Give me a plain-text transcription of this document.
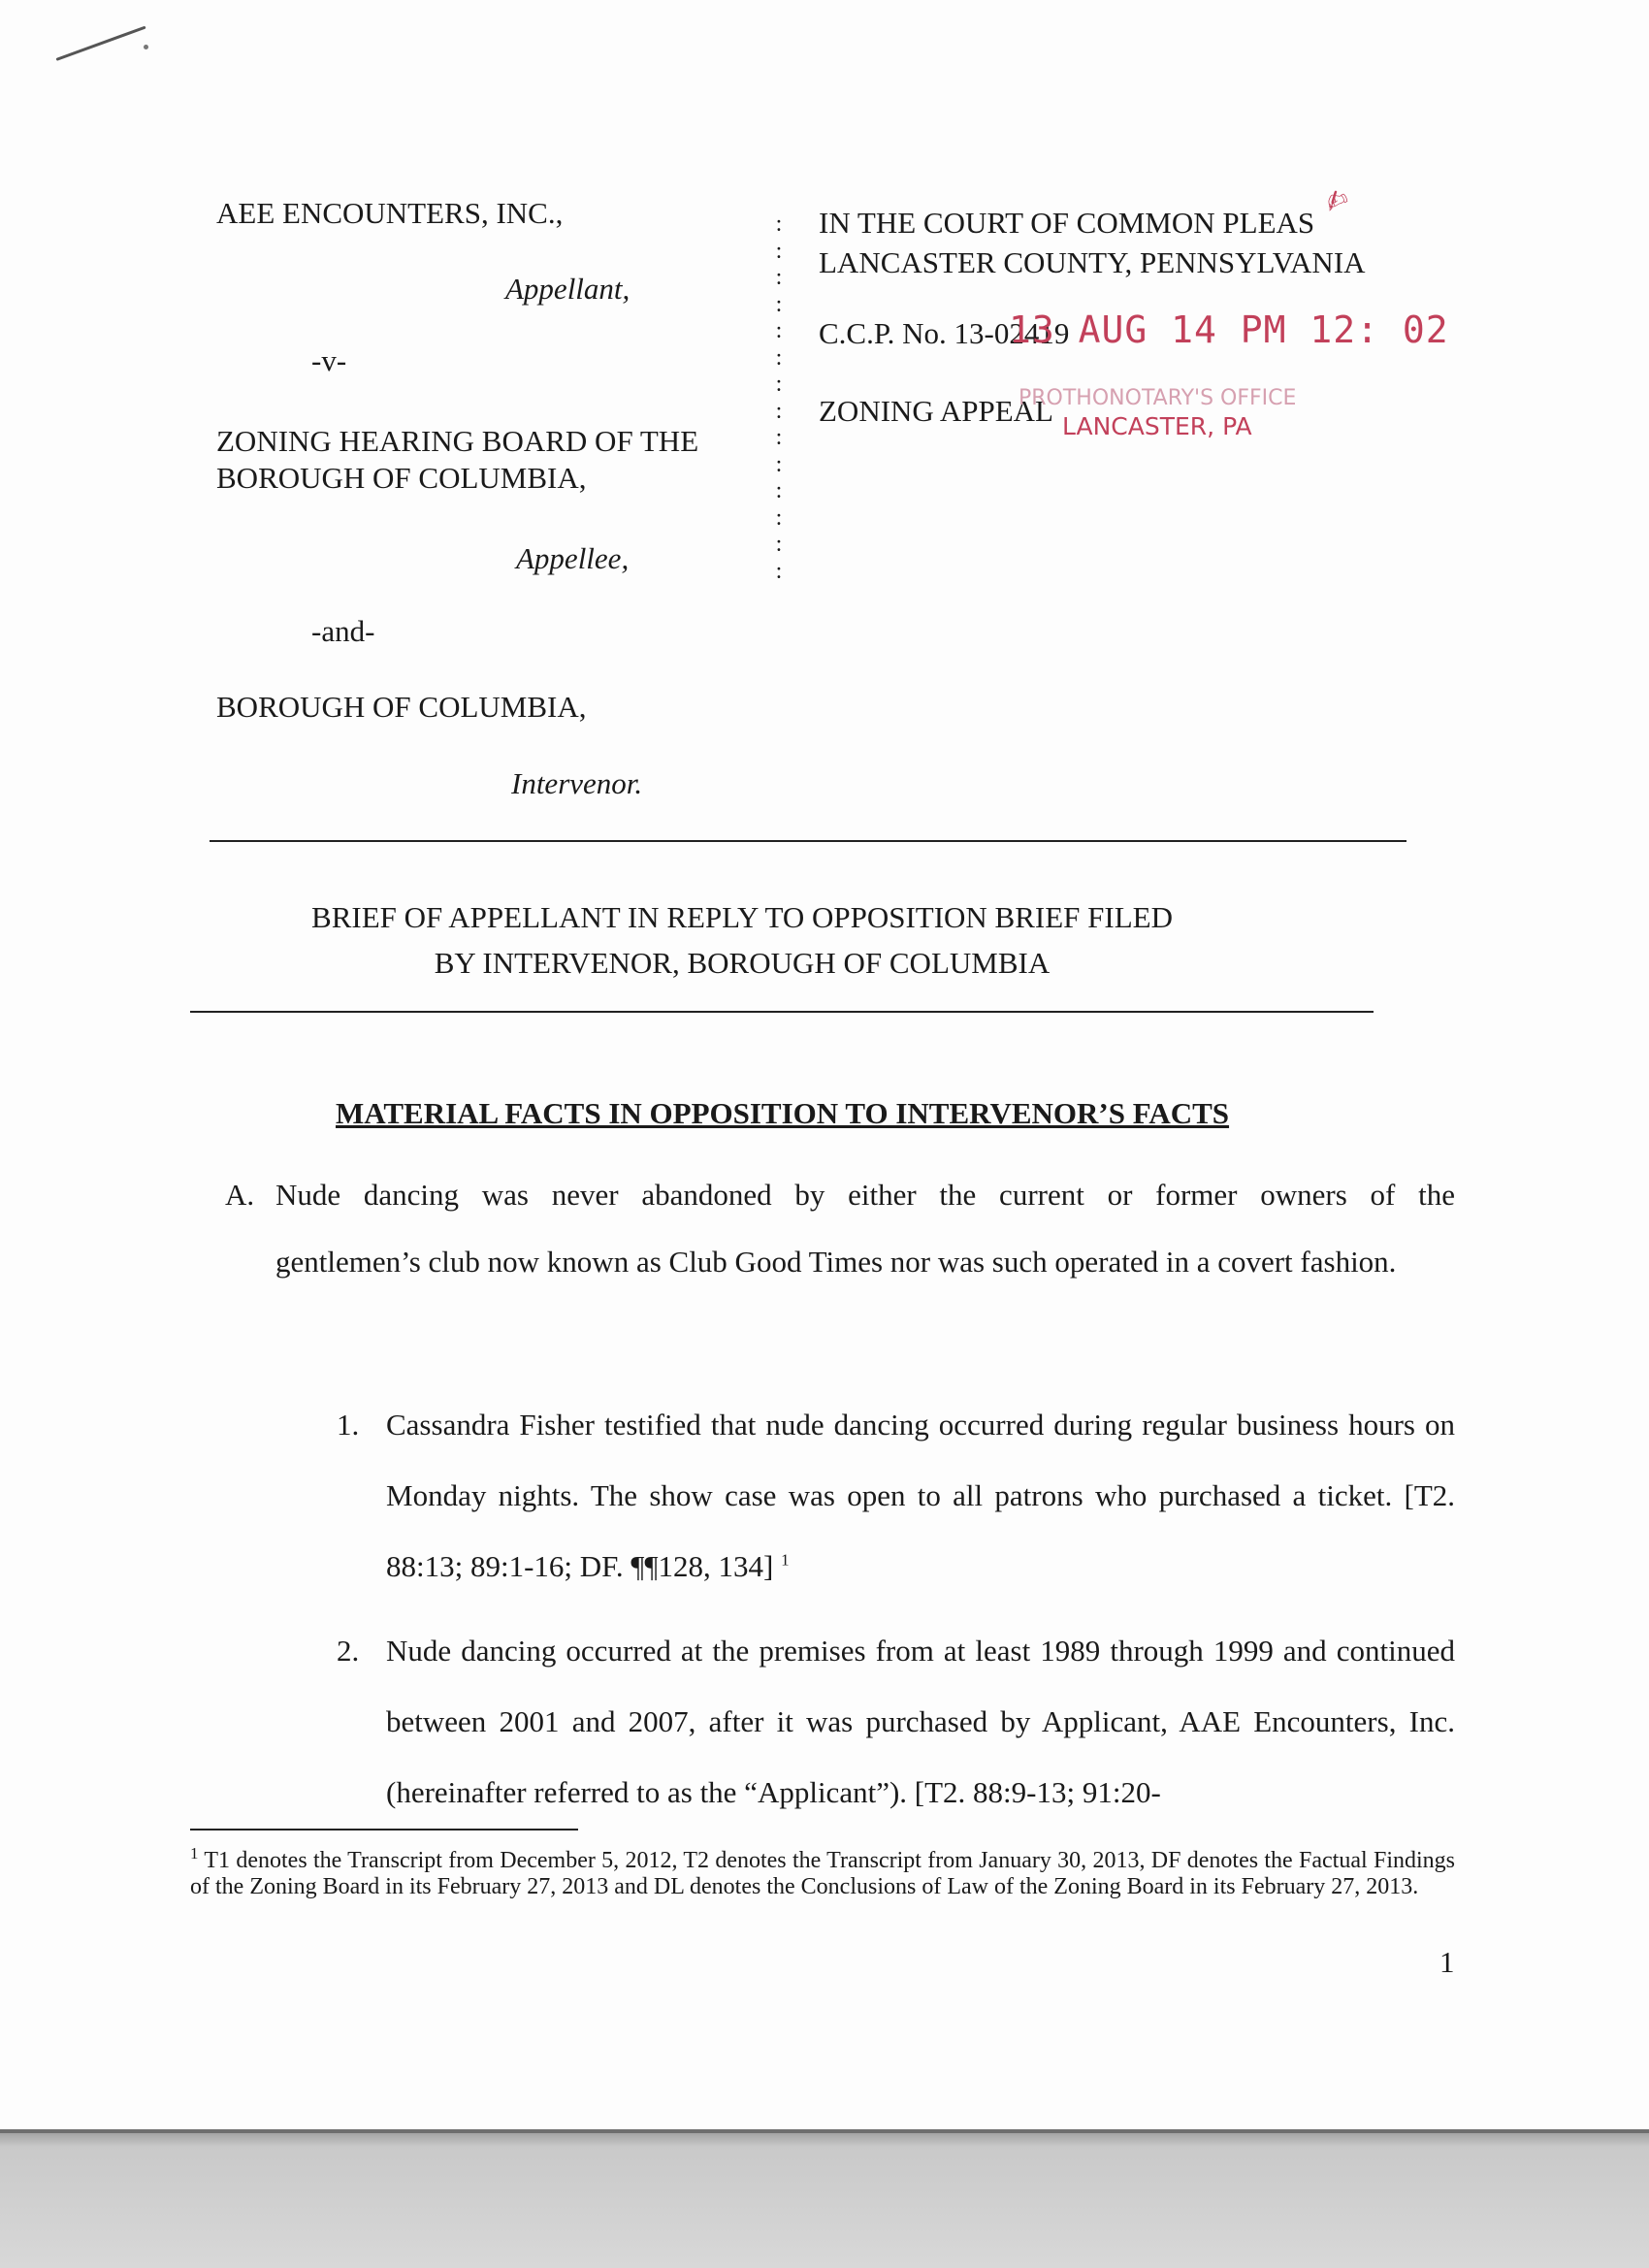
AEE ENCOUNTERS, INC.,
Appellant,
-v-
ZONING HEARING BOARD OF THE
BOROUGH OF COLUMBIA,
Appellee,
-and-
BOROUGH OF COLUMBIA,
Intervenor.
:
:
:
:
:
:
:
:
:
:
:
:
:
:
IN THE COURT OF COMMON PLEAS
LANCASTER COUNTY, PENNSYLVANIA
C.C.P. No. 13-02419
ZONING APPEAL
13 AUG 14 PM 12: 02
PROTHONOTARY'S OFFICE
LANCASTER, PA
✍
BRIEF OF APPELLANT IN REPLY TO OPPOSITION BRIEF FILED
BY INTERVENOR, BOROUGH OF COLUMBIA
MATERIAL FACTS IN OPPOSITION TO INTERVENOR’S FACTS
A. Nude dancing was never abandoned by either the current or former owners of the
gentlemen’s club now known as Club Good Times nor was such operated in a covert fashion.
1. Cassandra Fisher testified that nude dancing occurred during regular business hours on Monday nights. The show case was open to all patrons who purchased a ticket. [T2. 88:13; 89:1-16; DF. ¶¶128, 134] $^1$
2. Nude dancing occurred at the premises from at least 1989 through 1999 and continued between 2001 and 2007, after it was purchased by Applicant, AAE Encounters, Inc. (hereinafter referred to as the “Applicant”). [T2. 88:9-13; 91:20-
$^1$ T1 denotes the Transcript from December 5, 2012, T2 denotes the Transcript from January 30, 2013, DF denotes the Factual Findings of the Zoning Board in its February 27, 2013 and DL denotes the Conclusions of Law of the Zoning Board in its February 27, 2013.
1
